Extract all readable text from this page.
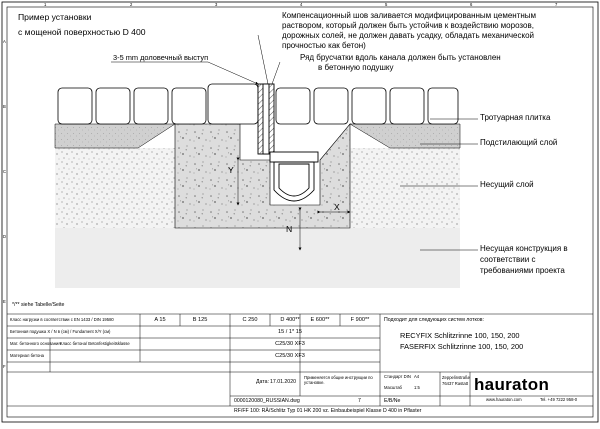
Пример установки
с мощеной поверхностью D 400
Компенсационный шов заливается модифицированным цементным
раствором, который должен быть устойчив к воздействию морозов,
дорожных солей, не должен давать усадку, обладать механической
прочностью как бетон)
Ряд брусчатки вдоль канала должен быть установлен
в бетонную подушку
3-5 mm доловечный выступ
Тротуарная плитка
Подстилающий слой
Несущий слой
Несущая конструкция в
соответствии с
требованиями проекта
Y
X
N
*/** siehe Tabelle/Seite
Класс нагрузки в соответствии с EN 1433 / DIN 19580	A 15	B 125	C 250	D 400**	E 600**	F 900**
Бетонная подушка X / N в (см) / Fundament X/Y (см)	15 / 1* 15
Мат. бетонного основания Класс бетона/ Betonfestigkeitsklasse	C25/30 XF3
Материал бетона	C25/30 XF3
Подходит для следующих систем лотков:
RECYFIX Schlitzrinne 100, 150, 200
FASERFIX Schlitzrinne 100, 150, 200
Дата: 17.01.2020
Применяется общие инструкции по установке.
0000120080_RUSSIAN.dwg	7	E/B/Ne
Стандарт DIN A4
Масштаб	1:5	hauraton
Zeppelinstraße
76437 Rastatt
Tel. +49 7222 958-0
www.hauraton.com
RF/FF 100: RÄ/Schlitz Typ 01 HK 200 vz. Einbaubeispiel Klasse D 400 in Pflaster
1	2	3	4	5	6	7
A
B
C
D
E
F
